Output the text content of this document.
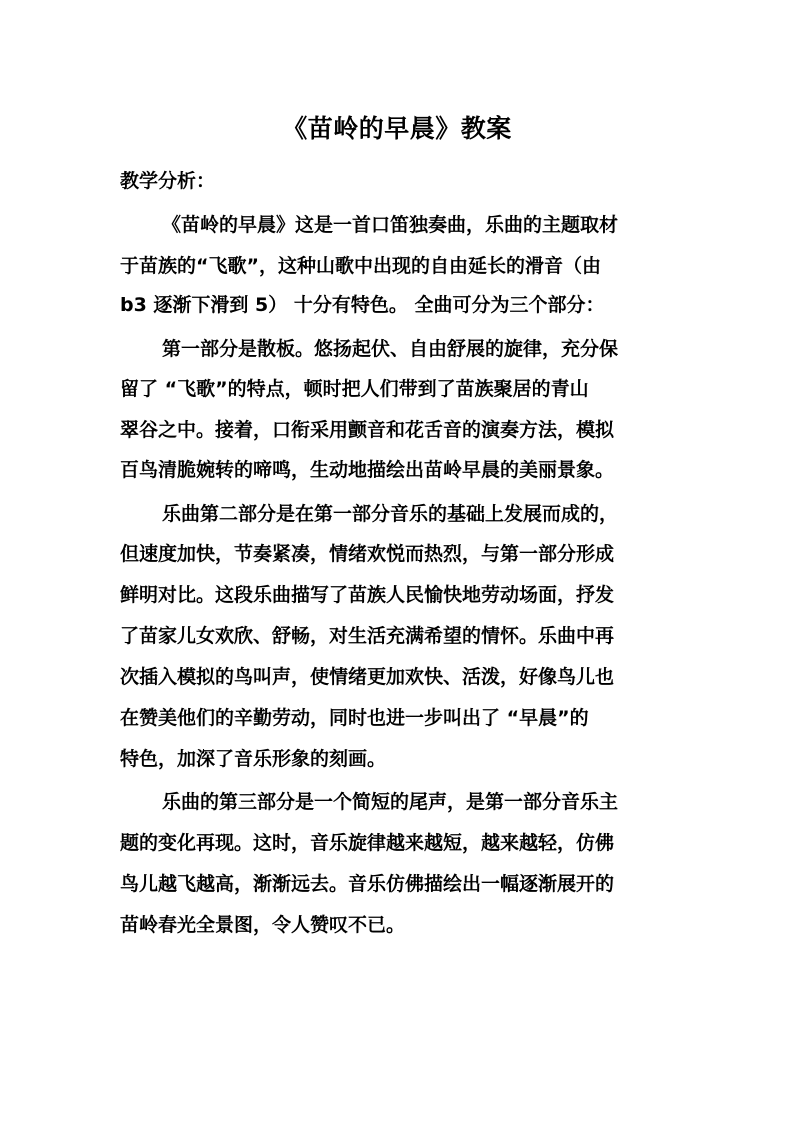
《苗岭的早晨》教案
教学分析：
《苗岭的早晨》这是一首口笛独奏曲，乐曲的主题取材
于苗族的“飞歌”，这种山歌中出现的自由延长的滑音（由
b3 逐渐下滑到 5） 十分有特色。 全曲可分为三个部分：
第一部分是散板。悠扬起伏、自由舒展的旋律，充分保
留了 “飞歌”的特点，顿时把人们带到了苗族聚居的青山
翠谷之中。接着，口衔采用颤音和花舌音的演奏方法，模拟
百鸟清脆婉转的啼鸣，生动地描绘出苗岭早晨的美丽景象。
乐曲第二部分是在第一部分音乐的基础上发展而成的，
但速度加快，节奏紧凑，情绪欢悦而热烈，与第一部分形成
鲜明对比。这段乐曲描写了苗族人民愉快地劳动场面，抒发
了苗家儿女欢欣、舒畅，对生活充满希望的情怀。乐曲中再
次插入模拟的鸟叫声，使情绪更加欢快、活泼，好像鸟儿也
在赞美他们的辛勤劳动，同时也进一步叫出了 “早晨”的
特色，加深了音乐形象的刻画。
乐曲的第三部分是一个简短的尾声，是第一部分音乐主
题的变化再现。这时，音乐旋律越来越短，越来越轻，仿佛
鸟儿越飞越高，渐渐远去。音乐仿佛描绘出一幅逐渐展开的
苗岭春光全景图，令人赞叹不已。
